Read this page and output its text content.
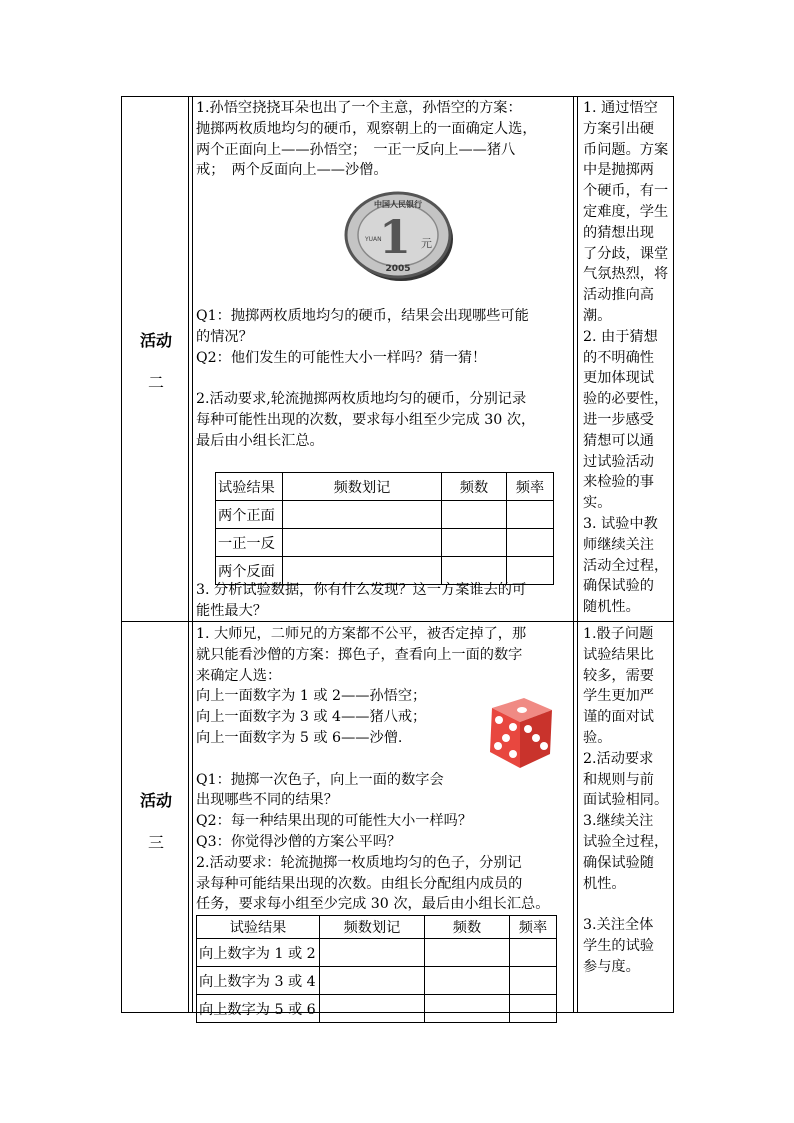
活动
二

1.孙悟空挠挠耳朵也出了一个主意，孙悟空的方案：

抛掷两枚质地均匀的硬币，观察朝上的一面确定人选，

两个正面向上——孙悟空；　一正一反向上——猪八

戒；　两个反面向上——沙僧。

中国人民银行
1 元
YUAN
2005

Q1：抛掷两枚质地均匀的硬币，结果会出现哪些可能

的情况？

Q2：他们发生的可能性大小一样吗？猜一猜！

2.活动要求,轮流抛掷两枚质地均匀的硬币，分别记录

每种可能性出现的次数，要求每小组至少完成 30 次，

最后由小组长汇总。

试验结果	频数划记	频数	频率
两个正面			
一正一反			
两个反面			

3. 分析试验数据，你有什么发现？这一方案谁去的可

能性最大？

1. 通过悟空

方案引出硬

币问题。方案

中是抛掷两

个硬币，有一

定难度，学生

的猜想出现

了分歧，课堂

气氛热烈，将

活动推向高

潮。

2. 由于猜想

的不明确性

更加体现试

验的必要性，

进一步感受

猜想可以通

过试验活动

来检验的事

实。

3. 试验中教

师继续关注

活动全过程，

确保试验的

随机性。

活动
三

1. 大师兄，二师兄的方案都不公平，被否定掉了，那

就只能看沙僧的方案：掷色子，查看向上一面的数字

来确定人选：

向上一面数字为 1 或 2——孙悟空；

向上一面数字为 3 或 4——猪八戒；

向上一面数字为 5 或 6——沙僧.

Q1：抛掷一次色子，向上一面的数字会

出现哪些不同的结果？

Q2：每一种结果出现的可能性大小一样吗？

Q3：你觉得沙僧的方案公平吗？

2.活动要求：轮流抛掷一枚质地均匀的色子，分别记

录每种可能结果出现的次数。由组长分配组内成员的

任务，要求每小组至少完成 30 次，最后由小组长汇总。

试验结果	频数划记	频数	频率
向上数字为 1 或 2			
向上数字为 3 或 4			
向上数字为 5 或 6			

1.骰子问题

试验结果比

较多，需要

学生更加严

谨的面对试

验。

2.活动要求

和规则与前

面试验相同。

3.继续关注

试验全过程，

确保试验随

机性。

3.关注全体

学生的试验

参与度。
